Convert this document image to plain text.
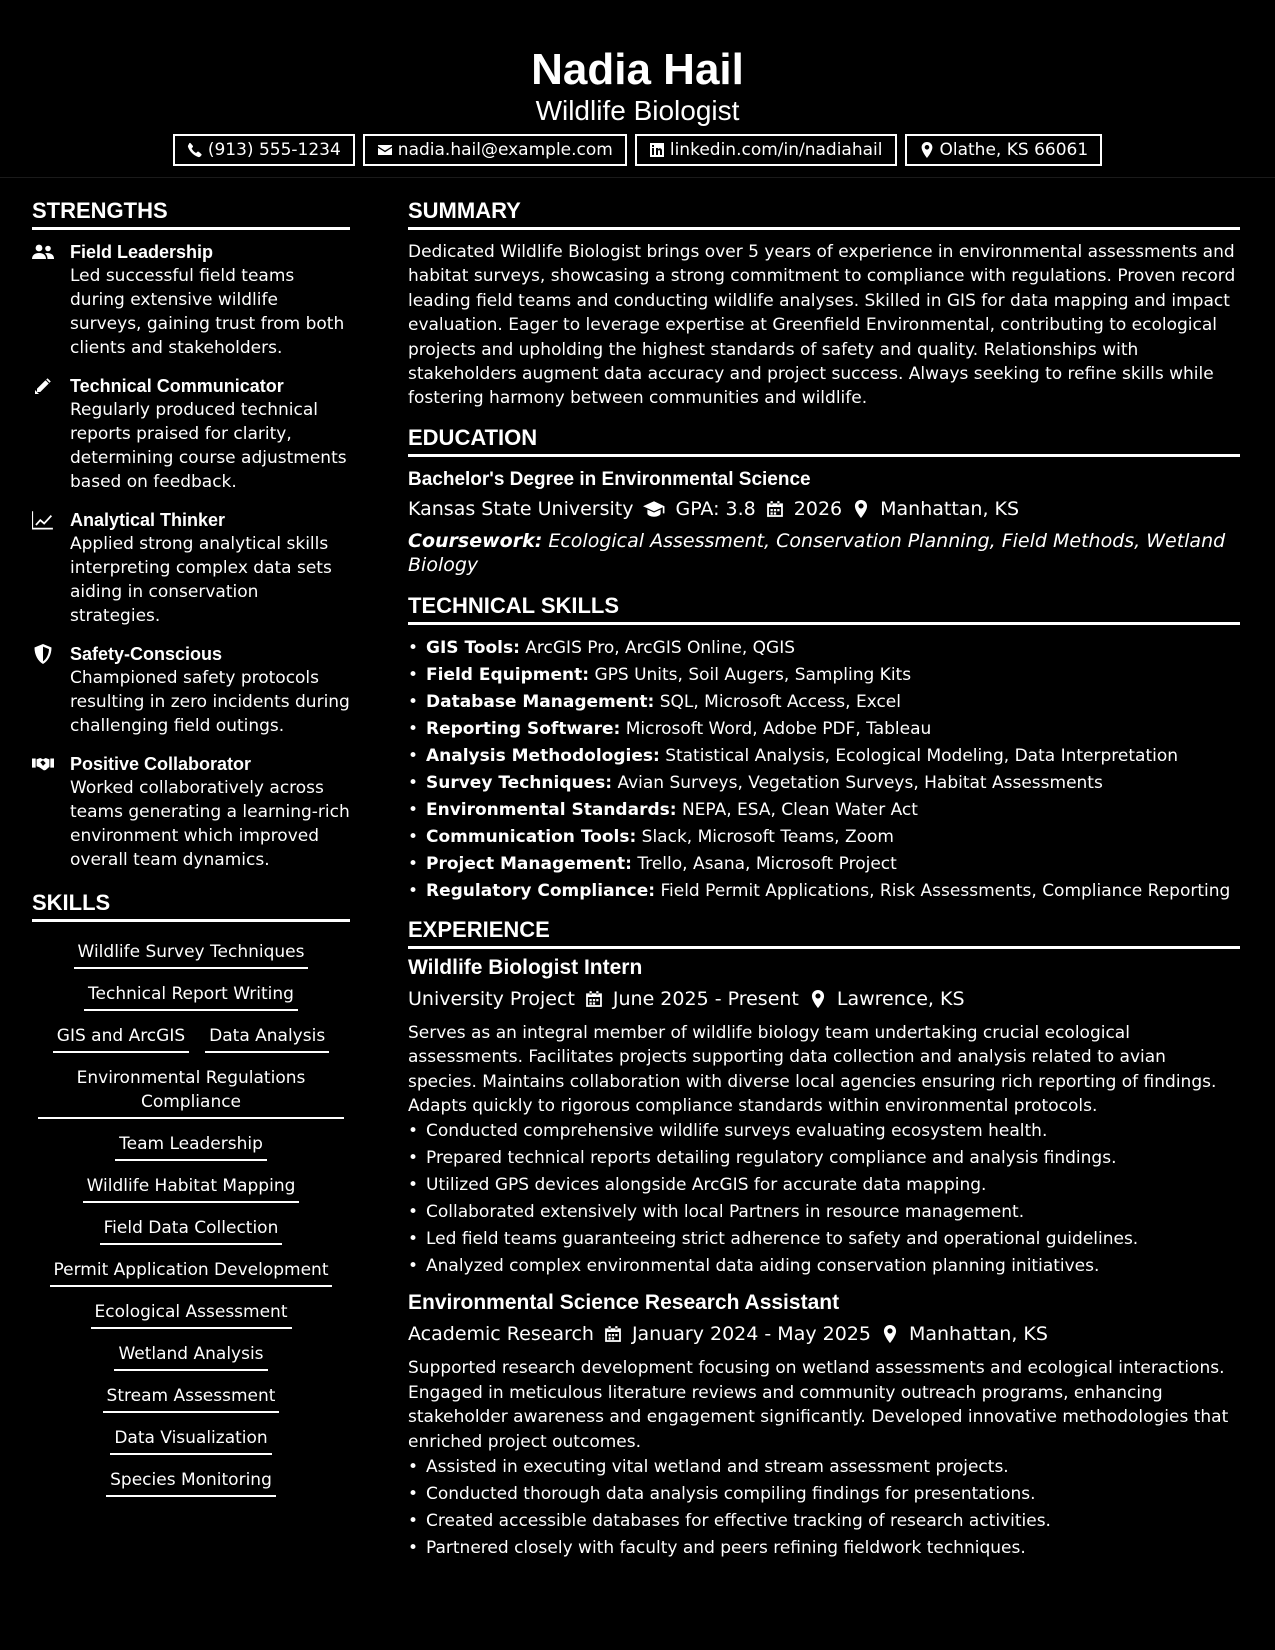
Nadia Hail
Wildlife Biologist
(913) 555-1234	nadia.hail@example.com	linkedin.com/in/nadiahail	Olathe, KS 66061
STRENGTHS
Field Leadership
Led successful field teams during extensive wildlife surveys, gaining trust from both clients and stakeholders.
Technical Communicator
Regularly produced technical reports praised for clarity, determining course adjustments based on feedback.
Analytical Thinker
Applied strong analytical skills interpreting complex data sets aiding in conservation strategies.
Safety-Conscious
Championed safety protocols resulting in zero incidents during challenging field outings.
Positive Collaborator
Worked collaboratively across teams generating a learning-rich environment which improved overall team dynamics.
SKILLS
Wildlife Survey Techniques
Technical Report Writing
GIS and ArcGIS Data Analysis
Environmental Regulations Compliance
Team Leadership
Wildlife Habitat Mapping
Field Data Collection
Permit Application Development
Ecological Assessment
Wetland Analysis
Stream Assessment
Data Visualization
Species Monitoring
SUMMARY
Dedicated Wildlife Biologist brings over 5 years of experience in environmental assessments and habitat surveys, showcasing a strong commitment to compliance with regulations. Proven record leading field teams and conducting wildlife analyses. Skilled in GIS for data mapping and impact evaluation. Eager to leverage expertise at Greenfield Environmental, contributing to ecological projects and upholding the highest standards of safety and quality. Relationships with stakeholders augment data accuracy and project success. Always seeking to refine skills while fostering harmony between communities and wildlife.
EDUCATION
Bachelor's Degree in Environmental Science
Kansas State University GPA: 3.8 2026 Manhattan, KS
Coursework: Ecological Assessment, Conservation Planning, Field Methods, Wetland Biology
TECHNICAL SKILLS
• GIS Tools: ArcGIS Pro, ArcGIS Online, QGIS
• Field Equipment: GPS Units, Soil Augers, Sampling Kits
• Database Management: SQL, Microsoft Access, Excel
• Reporting Software: Microsoft Word, Adobe PDF, Tableau
• Analysis Methodologies: Statistical Analysis, Ecological Modeling, Data Interpretation
• Survey Techniques: Avian Surveys, Vegetation Surveys, Habitat Assessments
• Environmental Standards: NEPA, ESA, Clean Water Act
• Communication Tools: Slack, Microsoft Teams, Zoom
• Project Management: Trello, Asana, Microsoft Project
• Regulatory Compliance: Field Permit Applications, Risk Assessments, Compliance Reporting
EXPERIENCE
Wildlife Biologist Intern
University Project June 2025 - Present Lawrence, KS
Serves as an integral member of wildlife biology team undertaking crucial ecological assessments. Facilitates projects supporting data collection and analysis related to avian species. Maintains collaboration with diverse local agencies ensuring rich reporting of findings. Adapts quickly to rigorous compliance standards within environmental protocols.
• Conducted comprehensive wildlife surveys evaluating ecosystem health.
• Prepared technical reports detailing regulatory compliance and analysis findings.
• Utilized GPS devices alongside ArcGIS for accurate data mapping.
• Collaborated extensively with local Partners in resource management.
• Led field teams guaranteeing strict adherence to safety and operational guidelines.
• Analyzed complex environmental data aiding conservation planning initiatives.
Environmental Science Research Assistant
Academic Research January 2024 - May 2025 Manhattan, KS
Supported research development focusing on wetland assessments and ecological interactions. Engaged in meticulous literature reviews and community outreach programs, enhancing stakeholder awareness and engagement significantly. Developed innovative methodologies that enriched project outcomes.
• Assisted in executing vital wetland and stream assessment projects.
• Conducted thorough data analysis compiling findings for presentations.
• Created accessible databases for effective tracking of research activities.
• Partnered closely with faculty and peers refining fieldwork techniques.
